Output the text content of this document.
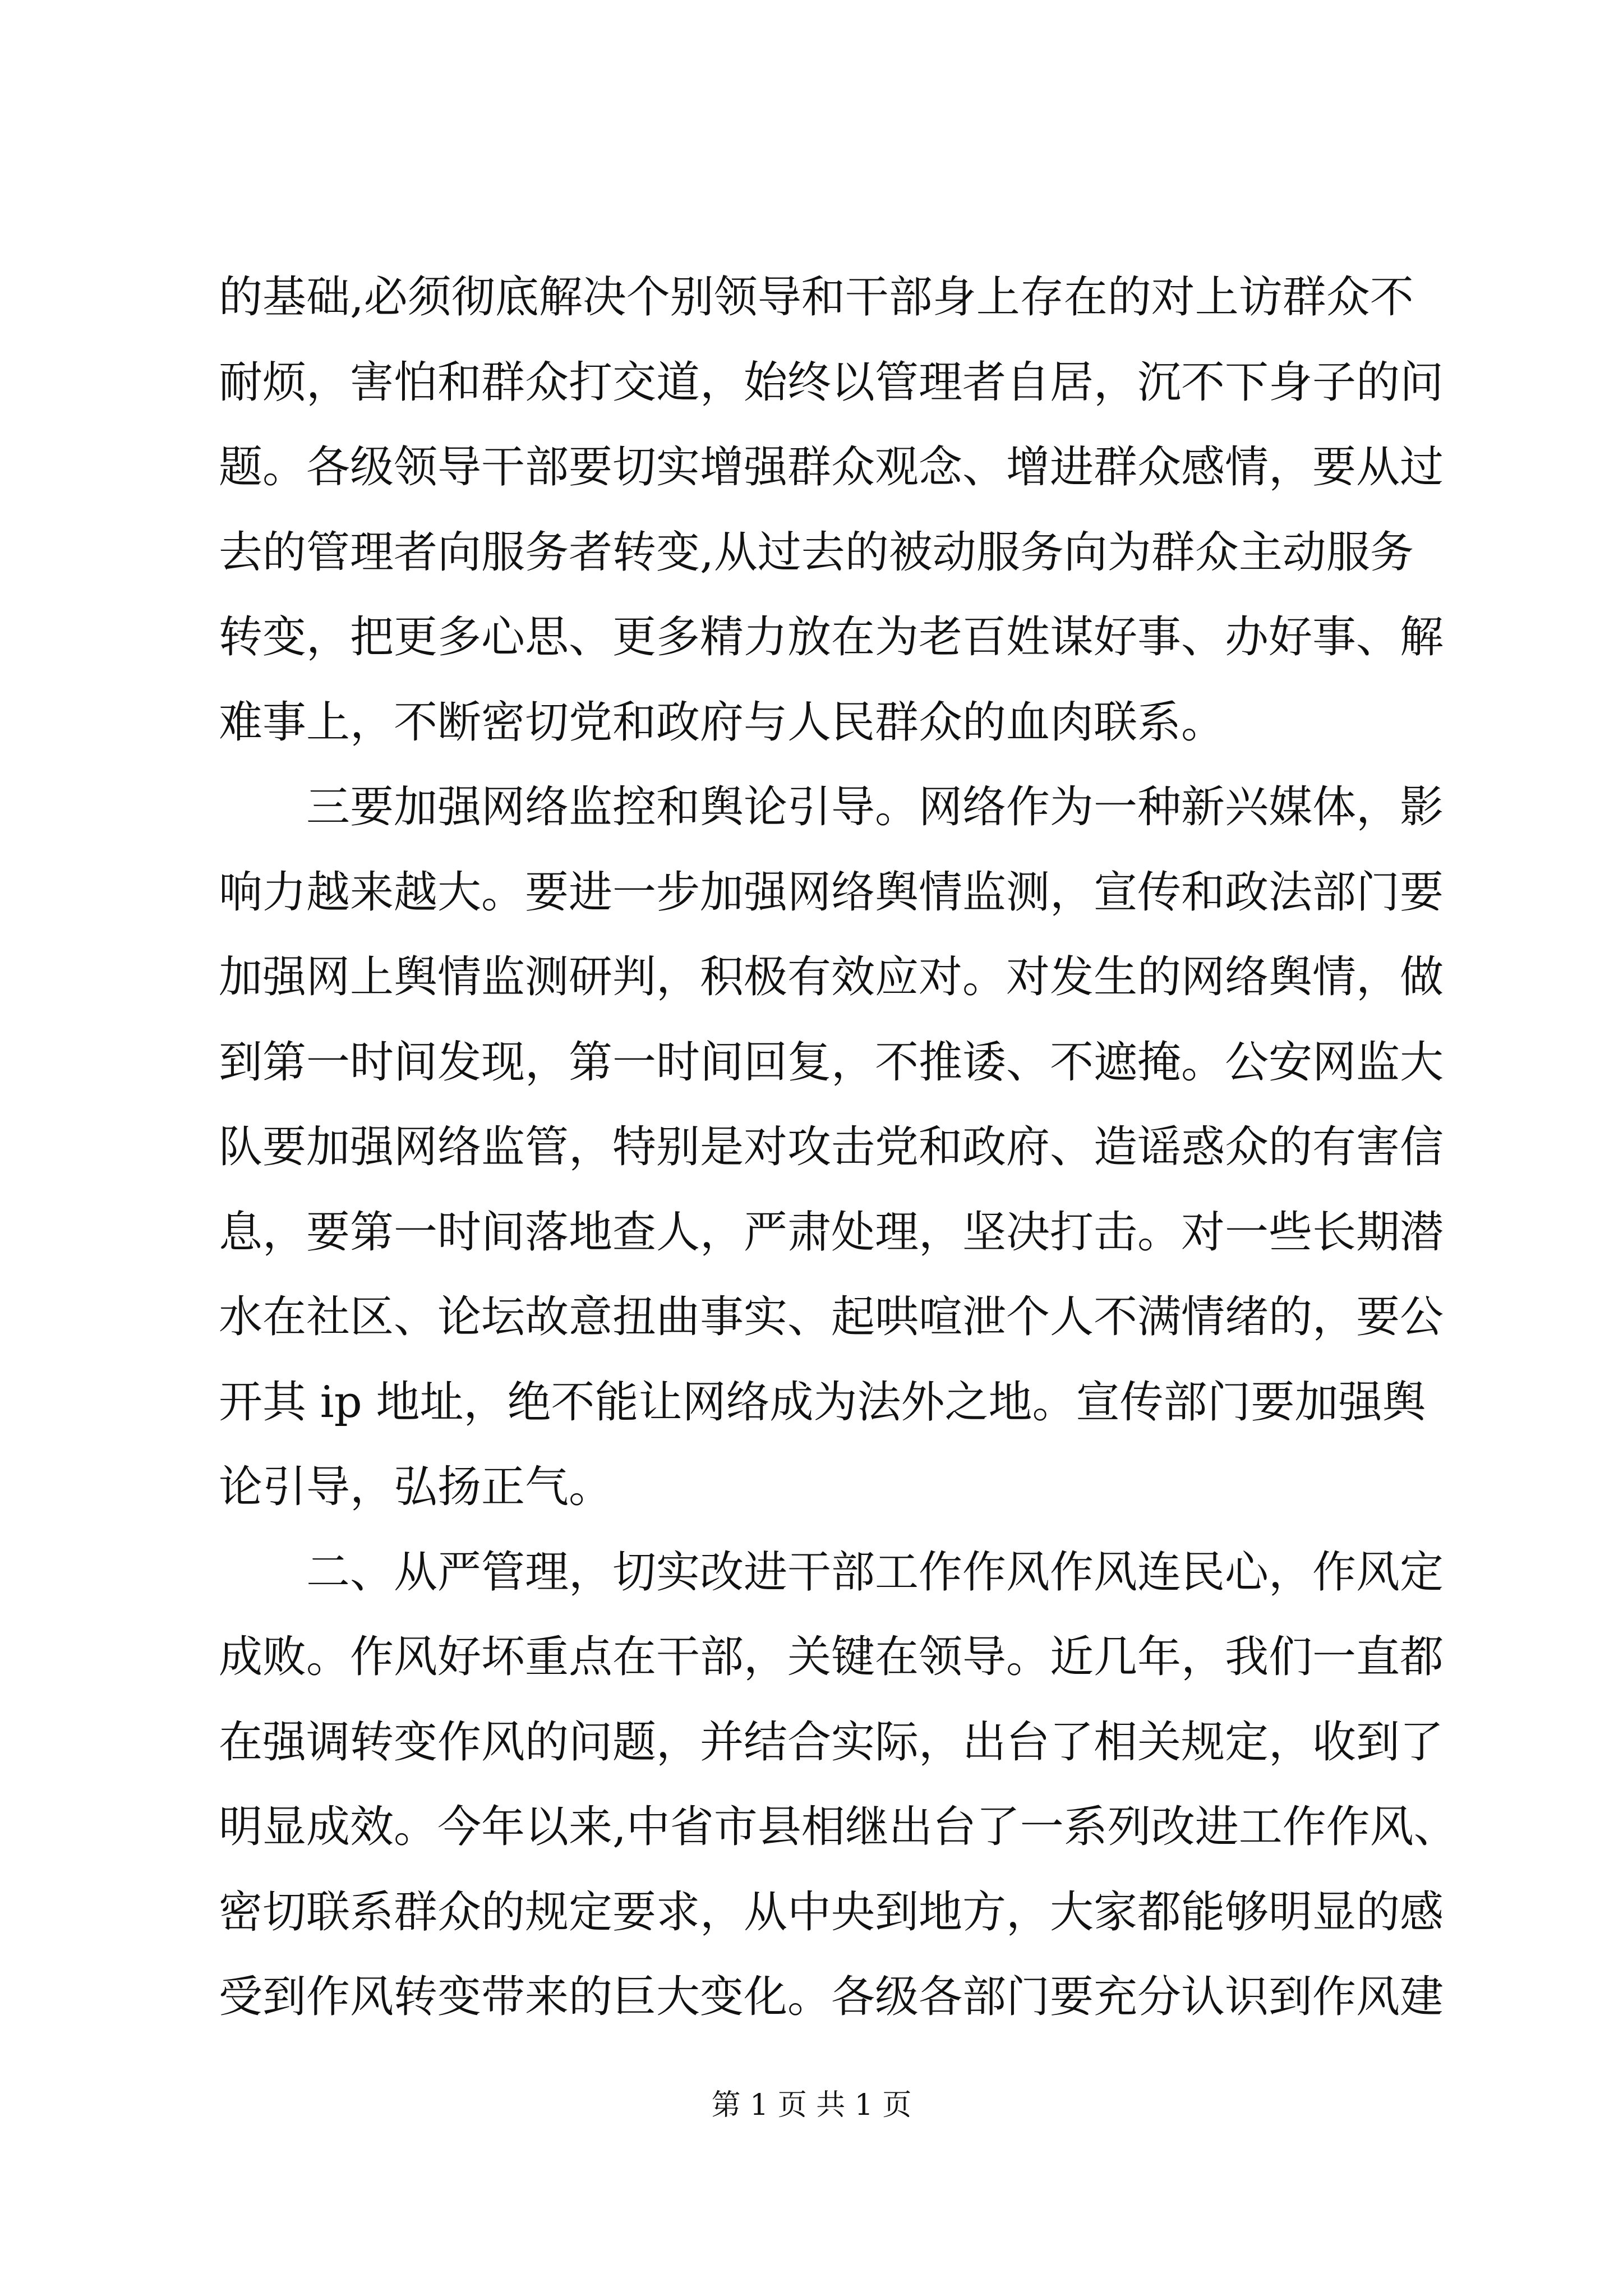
的基础,必须彻底解决个别领导和干部身上存在的对上访群众不
耐烦，害怕和群众打交道，始终以管理者自居，沉不下身子的问
题。各级领导干部要切实增强群众观念、增进群众感情，要从过
去的管理者向服务者转变,从过去的被动服务向为群众主动服务
转变，把更多心思、更多精力放在为老百姓谋好事、办好事、解
难事上，不断密切党和政府与人民群众的血肉联系。
三要加强网络监控和舆论引导。网络作为一种新兴媒体，影
响力越来越大。要进一步加强网络舆情监测，宣传和政法部门要
加强网上舆情监测研判，积极有效应对。对发生的网络舆情，做
到第一时间发现，第一时间回复，不推诿、不遮掩。公安网监大
队要加强网络监管，特别是对攻击党和政府、造谣惑众的有害信
息，要第一时间落地查人，严肃处理，坚决打击。对一些长期潜
水在社区、论坛故意扭曲事实、起哄喧泄个人不满情绪的，要公
开其 ip 地址，绝不能让网络成为法外之地。宣传部门要加强舆
论引导，弘扬正气。
二、从严管理，切实改进干部工作作风作风连民心，作风定
成败。作风好坏重点在干部，关键在领导。近几年，我们一直都
在强调转变作风的问题，并结合实际，出台了相关规定，收到了
明显成效。今年以来,中省市县相继出台了一系列改进工作作风、
密切联系群众的规定要求，从中央到地方，大家都能够明显的感
受到作风转变带来的巨大变化。各级各部门要充分认识到作风建
第 1 页 共 1 页
